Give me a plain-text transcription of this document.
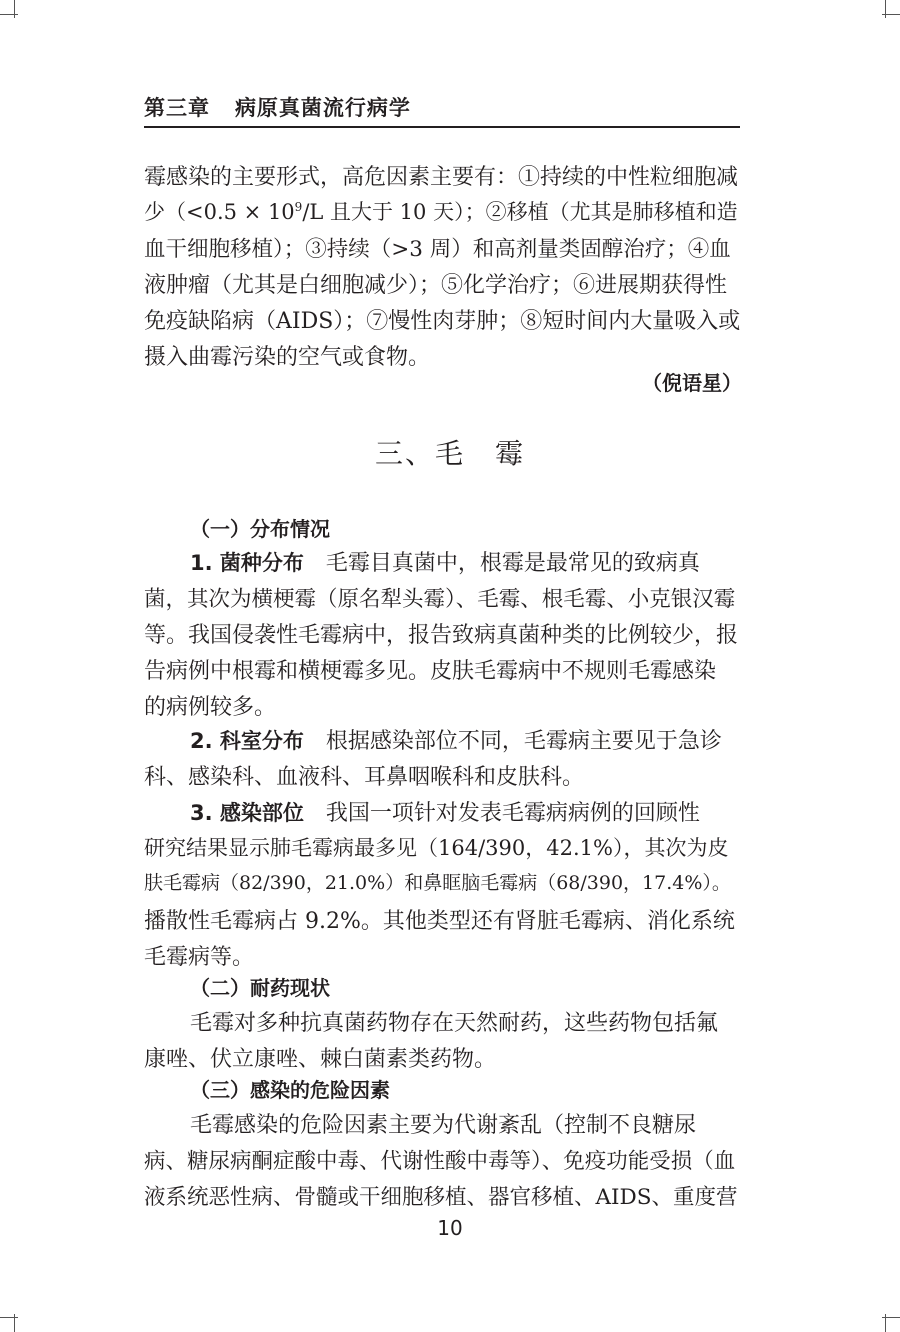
第三章 病原真菌流行病学
霉感染的主要形式，高危因素主要有：①持续的中性粒细胞减
少（$<0.5 \times 10^9/L$ 且大于 10 天）；②移植（尤其是肺移植和造
血干细胞移植）；③持续（>3 周）和高剂量类固醇治疗；④血
液肿瘤（尤其是白细胞减少）；⑤化学治疗；⑥进展期获得性
免疫缺陷病（AIDS）；⑦慢性肉芽肿；⑧短时间内大量吸入或
摄入曲霉污染的空气或食物。
（倪语星）
三、毛　霉
（一）分布情况
1. 菌种分布 毛霉目真菌中，根霉是最常见的致病真
菌，其次为横梗霉（原名犁头霉）、毛霉、根毛霉、小克银汉霉
等。我国侵袭性毛霉病中，报告致病真菌种类的比例较少，报
告病例中根霉和横梗霉多见。皮肤毛霉病中不规则毛霉感染
的病例较多。
2. 科室分布 根据感染部位不同，毛霉病主要见于急诊
科、感染科、血液科、耳鼻咽喉科和皮肤科。
3. 感染部位 我国一项针对发表毛霉病病例的回顾性
研究结果显示肺毛霉病最多见（164/390，42.1%），其次为皮
肤毛霉病（82/390，21.0%）和鼻眶脑毛霉病（68/390，17.4%）。
播散性毛霉病占 9.2%。其他类型还有肾脏毛霉病、消化系统
毛霉病等。
（二）耐药现状
毛霉对多种抗真菌药物存在天然耐药，这些药物包括氟
康唑、伏立康唑、棘白菌素类药物。
（三）感染的危险因素
毛霉感染的危险因素主要为代谢紊乱（控制不良糖尿
病、糖尿病酮症酸中毒、代谢性酸中毒等）、免疫功能受损（血
液系统恶性病、骨髓或干细胞移植、器官移植、AIDS、重度营
10
